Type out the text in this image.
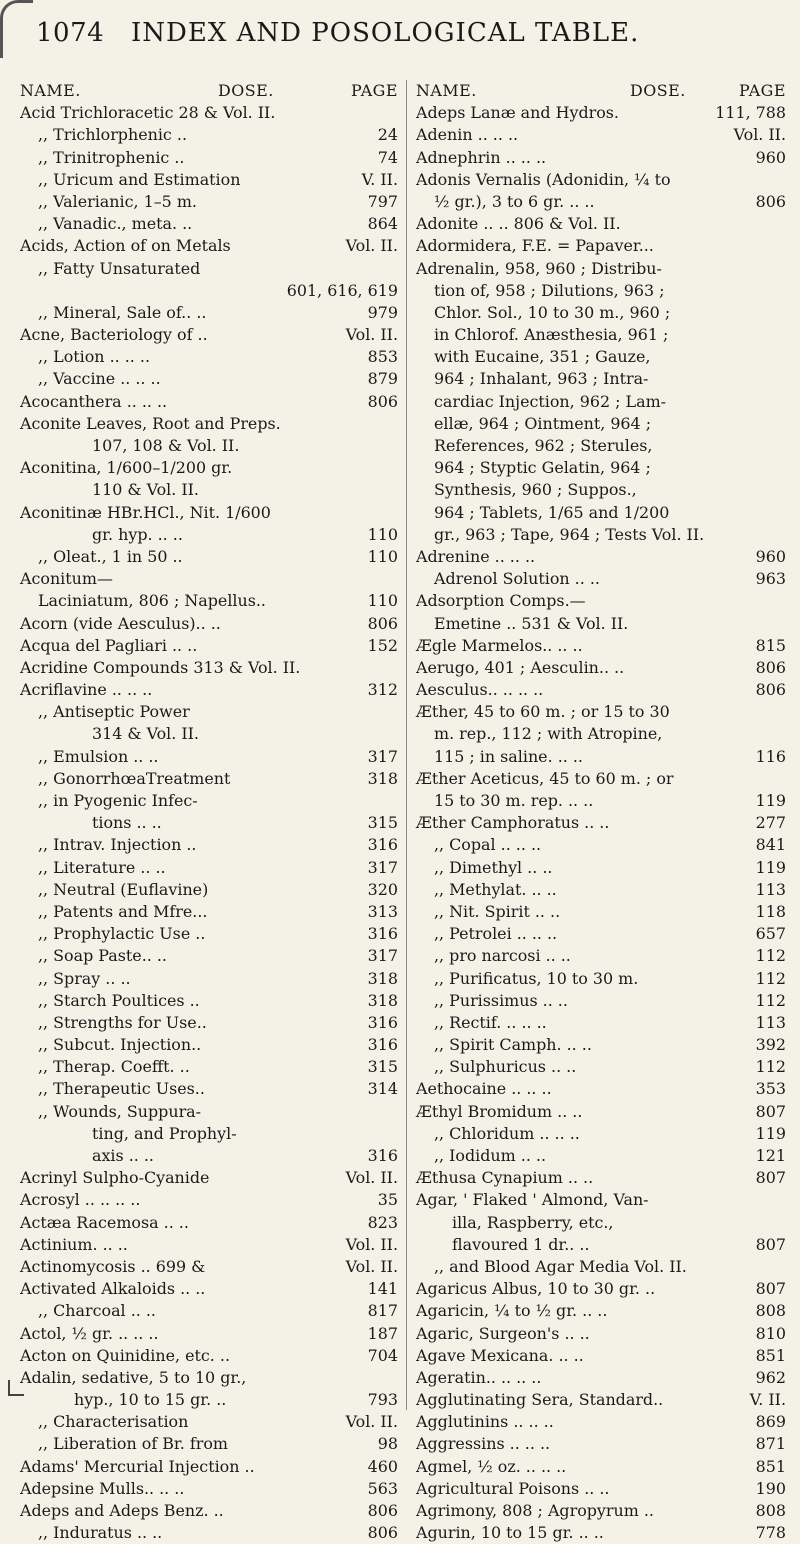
1074 INDEX AND POSOLOGICAL TABLE.
NAME.	DOSE.	PAGE
Acid Trichloracetic 28 & Vol. II.
,, Trichlorphenic ..	24
,, Trinitrophenic ..	74
,, Uricum and Estimation	V. II.
,, Valerianic, 1–5 m.	797
,, Vanadic., meta. ..	864
Acids, Action of on Metals	Vol. II.
,, Fatty Unsaturated
601, 616, 619
,, Mineral, Sale of.. ..	979
Acne, Bacteriology of ..	Vol. II.
,, Lotion .. .. ..	853
,, Vaccine .. .. ..	879
Acocanthera .. .. ..	806
Aconite Leaves, Root and Preps.
107, 108 & Vol. II.
Aconitina, 1/600–1/200 gr.
110 & Vol. II.
Aconitinæ HBr.HCl., Nit. 1/600
gr. hyp. .. ..	110
,, Oleat., 1 in 50 ..	110
Aconitum—
Laciniatum, 806 ; Napellus..	110
Acorn (vide Aesculus).. ..	806
Acqua del Pagliari .. ..	152
Acridine Compounds 313 & Vol. II.
Acriflavine .. .. ..	312
,, Antiseptic Power
314 & Vol. II.
,, Emulsion .. ..	317
,, GonorrhœaTreatment	318
,, in Pyogenic Infec-
tions .. ..	315
,, Intrav. Injection ..	316
,, Literature .. ..	317
,, Neutral (Euflavine)	320
,, Patents and Mfre...	313
,, Prophylactic Use ..	316
,, Soap Paste.. ..	317
,, Spray .. ..	318
,, Starch Poultices ..	318
,, Strengths for Use..	316
,, Subcut. Injection..	316
,, Therap. Coefft. ..	315
,, Therapeutic Uses..	314
,, Wounds, Suppura-
ting, and Prophyl-
axis .. ..	316
Acrinyl Sulpho-Cyanide	Vol. II.
Acrosyl .. .. .. ..	35
Actæa Racemosa .. ..	823
Actinium. .. ..	Vol. II.
Actinomycosis .. 699 &	Vol. II.
Activated Alkaloids .. ..	141
,, Charcoal .. ..	817
Actol, ½ gr. .. .. ..	187
Acton on Quinidine, etc. ..	704
Adalin, sedative, 5 to 10 gr.,
hyp., 10 to 15 gr. ..	793
,, Characterisation	Vol. II.
,, Liberation of Br. from	98
Adams' Mercurial Injection ..	460
Adepsine Mulls.. .. ..	563
Adeps and Adeps Benz. ..	806
,, Induratus .. ..	806
NAME.	DOSE.	PAGE
Adeps Lanæ and Hydros.	111, 788
Adenin .. .. ..	Vol. II.
Adnephrin .. .. ..	960
Adonis Vernalis (Adonidin, ¼ to
½ gr.), 3 to 6 gr. .. ..	806
Adonite .. .. 806 & Vol. II.
Adormidera, F.E. = Papaver...
Adrenalin, 958, 960 ; Distribu-
tion of, 958 ; Dilutions, 963 ;
Chlor. Sol., 10 to 30 m., 960 ;
in Chlorof. Anæsthesia, 961 ;
with Eucaine, 351 ; Gauze,
964 ; Inhalant, 963 ; Intra-
cardiac Injection, 962 ; Lam-
ellæ, 964 ; Ointment, 964 ;
References, 962 ; Sterules,
964 ; Styptic Gelatin, 964 ;
Synthesis, 960 ; Suppos.,
964 ; Tablets, 1/65 and 1/200
gr., 963 ; Tape, 964 ; Tests Vol. II.
Adrenine .. .. ..	960
Adrenol Solution .. ..	963
Adsorption Comps.—
Emetine .. 531 & Vol. II.
Ægle Marmelos.. .. ..	815
Aerugo, 401 ; Aesculin.. ..	806
Aesculus.. .. .. ..	806
Æther, 45 to 60 m. ; or 15 to 30
m. rep., 112 ; with Atropine,
115 ; in saline. .. ..	116
Æther Aceticus, 45 to 60 m. ; or
15 to 30 m. rep. .. ..	119
Æther Camphoratus .. ..	277
,, Copal .. .. ..	841
,, Dimethyl .. ..	119
,, Methylat. .. ..	113
,, Nit. Spirit .. ..	118
,, Petrolei .. .. ..	657
,, pro narcosi .. ..	112
,, Purificatus, 10 to 30 m.	112
,, Purissimus .. ..	112
,, Rectif. .. .. ..	113
,, Spirit Camph. .. ..	392
,, Sulphuricus .. ..	112
Aethocaine .. .. ..	353
Æthyl Bromidum .. ..	807
,, Chloridum .. .. ..	119
,, Iodidum .. ..	121
Æthusa Cynapium .. ..	807
Agar, ' Flaked ' Almond, Van-
illa, Raspberry, etc.,
flavoured 1 dr.. ..	807
,, and Blood Agar Media Vol. II.
Agaricus Albus, 10 to 30 gr. ..	807
Agaricin, ¼ to ½ gr. .. ..	808
Agaric, Surgeon's .. ..	810
Agave Mexicana. .. ..	851
Ageratin.. .. .. ..	962
Agglutinating Sera, Standard..	V. II.
Agglutinins .. .. ..	869
Aggressins .. .. ..	871
Agmel, ½ oz. .. .. ..	851
Agricultural Poisons .. ..	190
Agrimony, 808 ; Agropyrum ..	808
Agurin, 10 to 15 gr. .. ..	778
